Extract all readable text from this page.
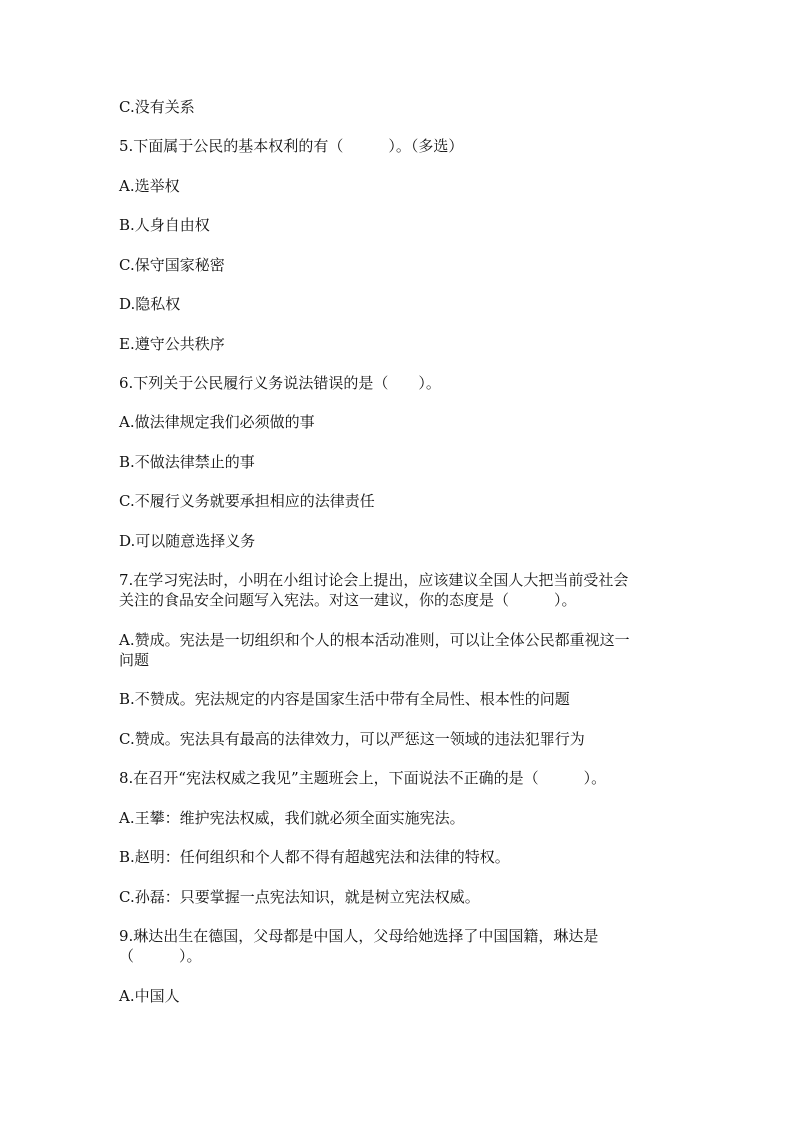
C.没有关系
5.下面属于公民的基本权利的有（　　　）。（多选）
A.选举权
B.人身自由权
C.保守国家秘密
D.隐私权
E.遵守公共秩序
6.下列关于公民履行义务说法错误的是（　　）。
A.做法律规定我们必须做的事
B.不做法律禁止的事
C.不履行义务就要承担相应的法律责任
D.可以随意选择义务
7.在学习宪法时，小明在小组讨论会上提出，应该建议全国人大把当前受社会
关注的食品安全问题写入宪法。对这一建议，你的态度是（　　　）。
A.赞成。宪法是一切组织和个人的根本活动准则，可以让全体公民都重视这一
问题
B.不赞成。宪法规定的内容是国家生活中带有全局性、根本性的问题
C.赞成。宪法具有最高的法律效力，可以严惩这一领域的违法犯罪行为
8.在召开“宪法权威之我见”主题班会上，下面说法不正确的是（　　　）。
A.王攀：维护宪法权威，我们就必须全面实施宪法。
B.赵明：任何组织和个人都不得有超越宪法和法律的特权。
C.孙磊：只要掌握一点宪法知识，就是树立宪法权威。
9.琳达出生在德国，父母都是中国人，父母给她选择了中国国籍，琳达是
（　　　）。
A.中国人
